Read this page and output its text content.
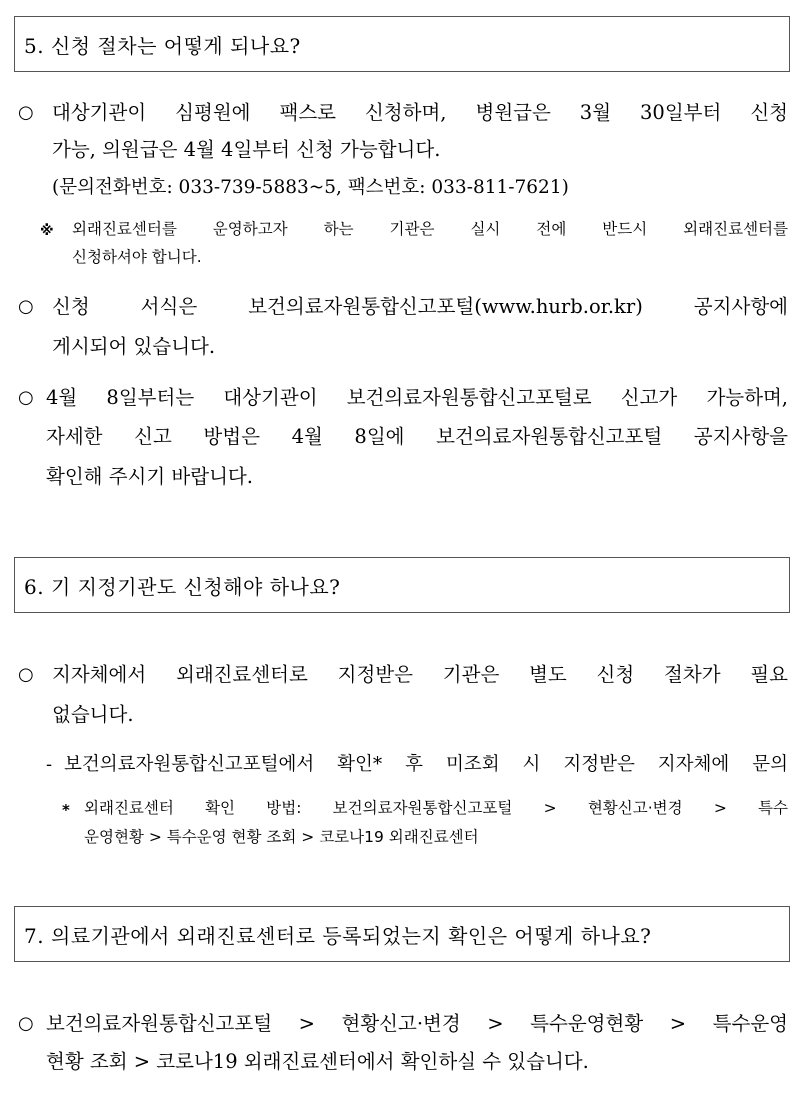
5. 신청 절차는 어떻게 되나요?
○ 대상기관이 심평원에 팩스로 신청하며, 병원급은 3월 30일부터 신청
가능, 의원급은 4월 4일부터 신청 가능합니다.
(문의전화번호: 033-739-5883~5, 팩스번호: 033-811-7621)
※ 외래진료센터를 운영하고자 하는 기관은 실시 전에 반드시 외래진료센터를
신청하셔야 합니다.
○ 신청 서식은 보건의료자원통합신고포털(www.hurb.or.kr) 공지사항에
게시되어 있습니다.
○ 4월 8일부터는 대상기관이 보건의료자원통합신고포털로 신고가 가능하며,
자세한 신고 방법은 4월 8일에 보건의료자원통합신고포털 공지사항을
확인해 주시기 바랍니다.
6. 기 지정기관도 신청해야 하나요?
○ 지자체에서 외래진료센터로 지정받은 기관은 별도 신청 절차가 필요
없습니다.
- 보건의료자원통합신고포털에서 확인* 후 미조회 시 지정받은 지자체에 문의
* 외래진료센터 확인 방법: 보건의료자원통합신고포털 > 현황신고·변경 > 특수
운영현황 > 특수운영 현황 조회 > 코로나19 외래진료센터
7. 의료기관에서 외래진료센터로 등록되었는지 확인은 어떻게 하나요?
○ 보건의료자원통합신고포털 > 현황신고·변경 > 특수운영현황 > 특수운영
현황 조회 > 코로나19 외래진료센터에서 확인하실 수 있습니다.
